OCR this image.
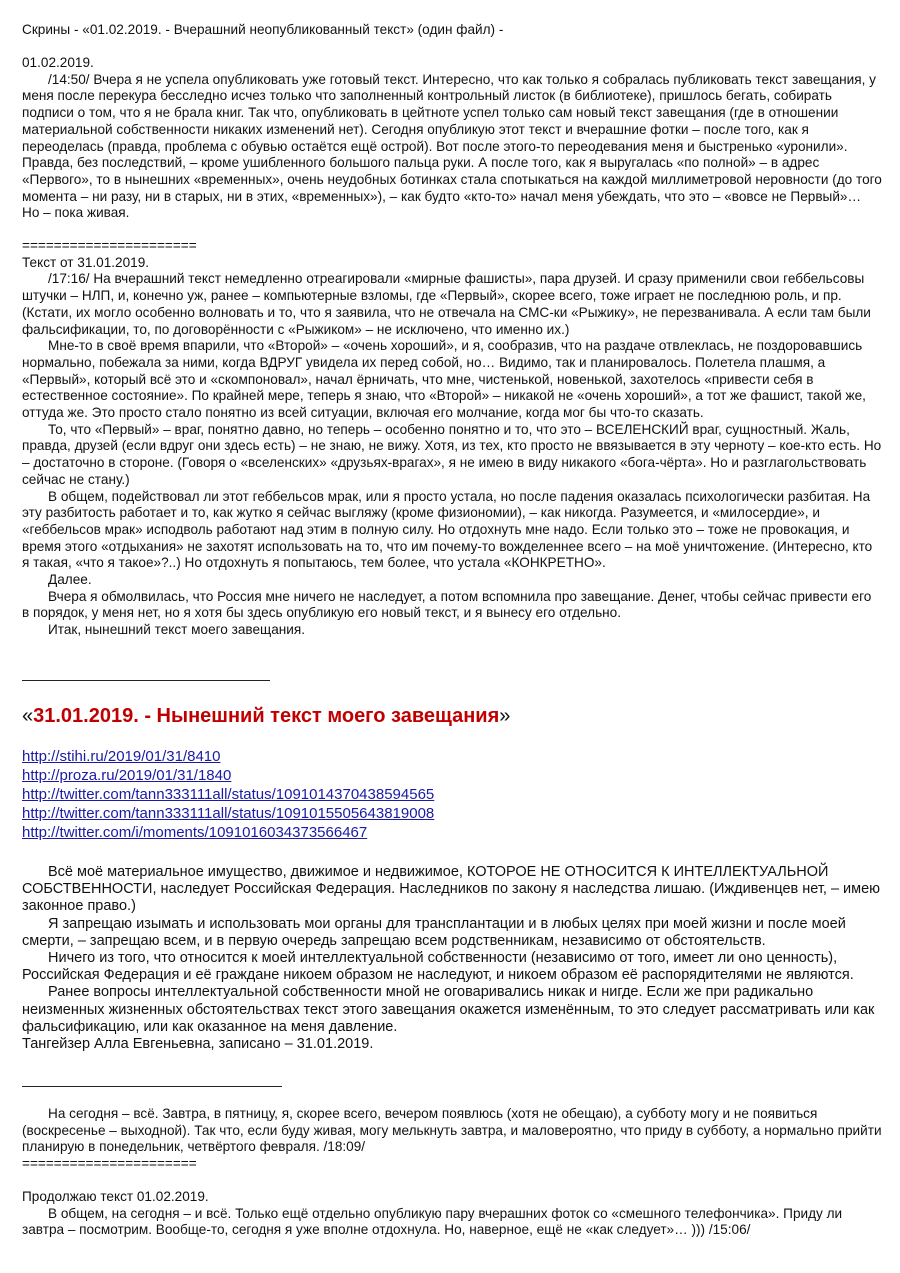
Скрины - «01.02.2019. - Вчерашний неопубликованный текст» (один файл) -

01.02.2019.

/14:50/ Вчера я не успела опубликовать уже готовый текст. Интересно, что как только я собралась публиковать текст завещания, у меня после перекура бесследно исчез только что заполненный контрольный листок (в библиотеке), пришлось бегать, собирать подписи о том, что я не брала книг. Так что, опубликовать в цейтноте успел только сам новый текст завещания (где в отношении материальной собственности никаких изменений нет). Сегодня опубликую этот текст и вчерашние фотки – после того, как я переоделась (правда, проблема с обувью остаётся ещё острой). Вот после этого-то переодевания меня и быстренько «уронили». Правда, без последствий, – кроме ушибленного большого пальца руки. А после того, как я выругалась «по полной» – в адрес «Первого», то в нынешних «временных», очень неудобных ботинках стала спотыкаться на каждой миллиметровой неровности (до того момента – ни разу, ни в старых, ни в этих, «временных»), – как будто «кто-то» начал меня убеждать, что это – «вовсе не Первый»… Но – пока живая.

======================

Текст от 31.01.2019.

/17:16/ На вчерашний текст немедленно отреагировали «мирные фашисты», пара друзей. И сразу применили свои геббельсовы штучки – НЛП, и, конечно уж, ранее – компьютерные взломы, где «Первый», скорее всего, тоже играет не последнюю роль, и пр. (Кстати, их могло особенно волновать и то, что я заявила, что не отвечала на СМС-ки «Рыжику», не перезванивала. А если там были фальсификации, то, по договорённости с «Рыжиком» – не исключено, что именно их.)

Мне-то в своё время впарили, что «Второй» – «очень хороший», и я, сообразив, что на раздаче отвлеклась, не поздоровавшись нормально, побежала за ними, когда ВДРУГ увидела их перед собой, но… Видимо, так и планировалось. Полетела плашмя, а «Первый», который всё это и «скомпоновал», начал ёрничать, что мне, чистенькой, новенькой, захотелось «привести себя в естественное состояние». По крайней мере, теперь я знаю, что «Второй» – никакой не «очень хороший», а тот же фашист, такой же, оттуда же. Это просто стало понятно из всей ситуации, включая его молчание, когда мог бы что-то сказать.

То, что «Первый» – враг, понятно давно, но теперь – особенно понятно и то, что это – ВСЕЛЕНСКИЙ враг, сущностный. Жаль, правда, друзей (если вдруг они здесь есть) – не знаю, не вижу. Хотя, из тех, кто просто не ввязывается в эту черноту – кое-кто есть. Но – достаточно в стороне. (Говоря о «вселенских» «друзьях-врагах», я не имею в виду никакого «бога-чёрта». Но и разглагольствовать сейчас не стану.)

В общем, подействовал ли этот геббельсов мрак, или я просто устала, но после падения оказалась психологически разбитая. На эту разбитость работает и то, как жутко я сейчас выгляжу (кроме физиономии), – как никогда. Разумеется, и «милосердие», и «геббельсов мрак» исподволь работают над этим в полную силу. Но отдохнуть мне надо. Если только это – тоже не провокация, и время этого «отдыхания» не захотят использовать на то, что им почему-то вожделеннее всего – на моё уничтожение. (Интересно, кто я такая, «что я такое»?..) Но отдохнуть я попытаюсь, тем более, что устала «КОНКРЕТНО».

Далее.

Вчера я обмолвилась, что Россия мне ничего не наследует, а потом вспомнила про завещание. Денег, чтобы сейчас привести его в порядок, у меня нет, но я хотя бы здесь опубликую его новый текст, и я вынесу его отдельно.

Итак, нынешний текст моего завещания.

«31.01.2019. - Нынешний текст моего завещания»
http://stihi.ru/2019/01/31/8410
http://proza.ru/2019/01/31/1840
http://twitter.com/tann333111all/status/1091014370438594565
http://twitter.com/tann333111all/status/1091015505643819008
http://twitter.com/i/moments/1091016034373566467

Всё моё материальное имущество, движимое и недвижимое, КОТОРОЕ НЕ ОТНОСИТСЯ К ИНТЕЛЛЕКТУАЛЬНОЙ СОБСТВЕННОСТИ, наследует Российская Федерация. Наследников по закону я наследства лишаю. (Иждивенцев нет, – имею законное право.)

Я запрещаю изымать и использовать мои органы для трансплантации и в любых целях при моей жизни и после моей смерти, – запрещаю всем, и в первую очередь запрещаю всем родственникам, независимо от обстоятельств.

Ничего из того, что относится к моей интеллектуальной собственности (независимо от того, имеет ли оно ценность), Российская Федерация и её граждане никоем образом не наследуют, и никоем образом её распорядителями не являются.

Ранее вопросы интеллектуальной собственности мной не оговаривались никак и нигде. Если же при радикально неизменных жизненных обстоятельствах текст этого завещания окажется изменённым, то это следует рассматривать или как фальсификацию, или как оказанное на меня давление.

Тангейзер Алла Евгеньевна, записано – 31.01.2019.

На сегодня – всё. Завтра, в пятницу, я, скорее всего, вечером появлюсь (хотя не обещаю), а субботу могу и не появиться (воскресенье – выходной). Так что, если буду живая, могу мелькнуть завтра, и маловероятно, что приду в субботу, а нормально прийти планирую в понедельник, четвёртого февраля. /18:09/

======================

Продолжаю текст 01.02.2019.

В общем, на сегодня – и всё. Только ещё отдельно опубликую пару вчерашних фоток со «смешного телефончика». Приду ли завтра – посмотрим. Вообще-то, сегодня я уже вполне отдохнула. Но, наверное, ещё не «как следует»… ))) /15:06/
